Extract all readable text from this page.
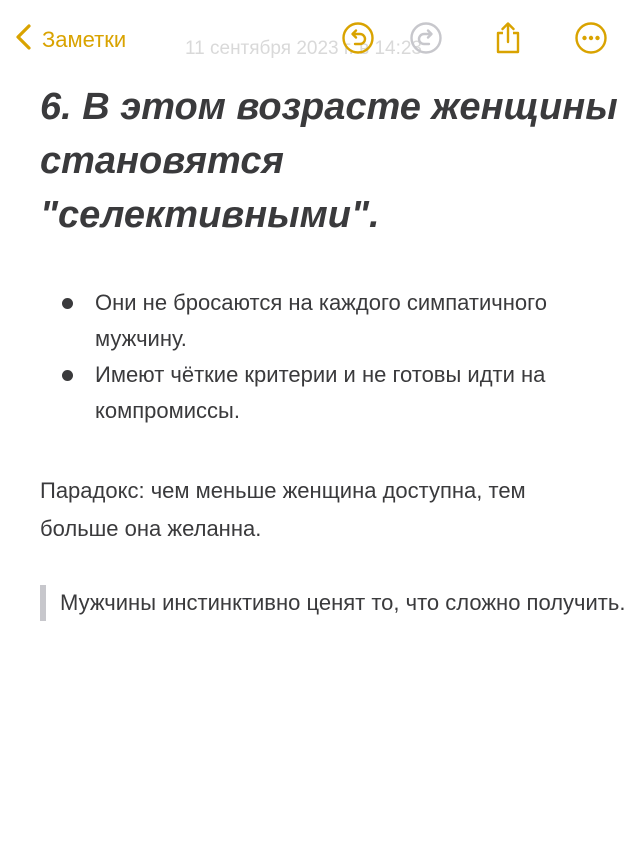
Заметки	11 сентября 2023 г. в 14:23
6. В этом возрасте женщины становятся "селективными".
Они не бросаются на каждого симпатичного мужчину.
Имеют чёткие критерии и не готовы идти на компромиссы.

Парадокс: чем меньше женщина доступна, тем больше она желанна.

Мужчины инстинктивно ценят то, что сложно получить.
